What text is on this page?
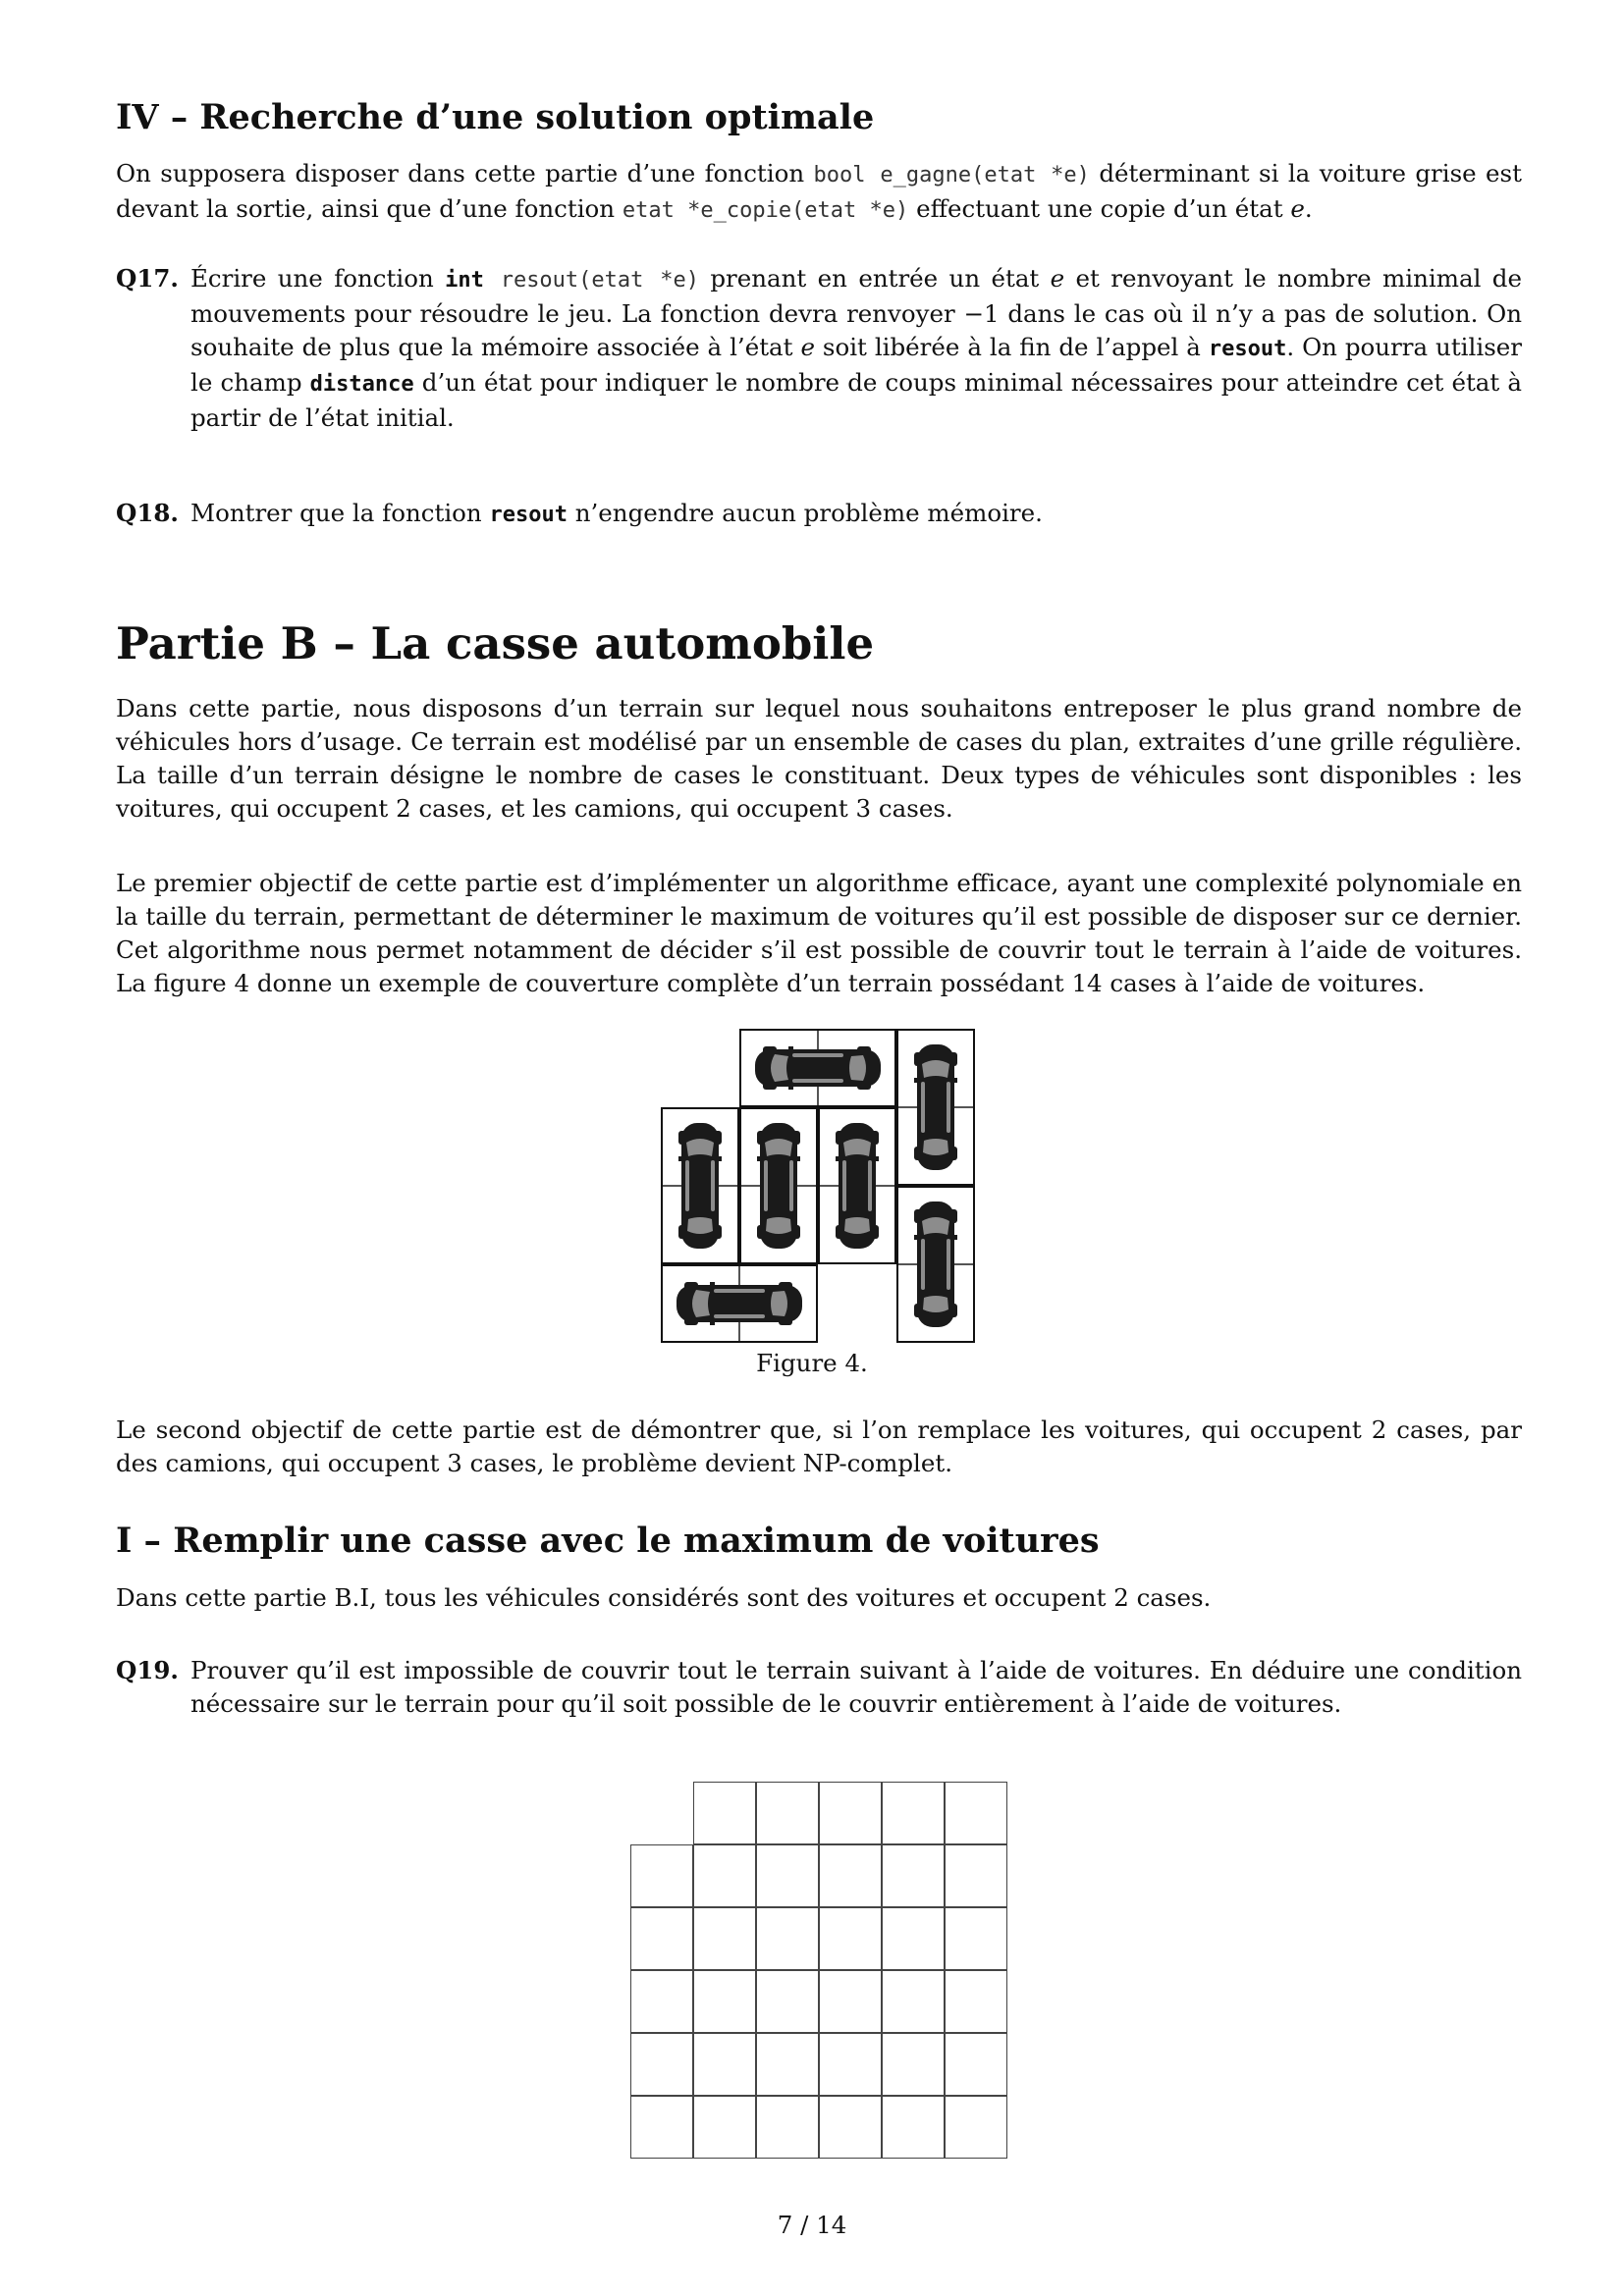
IV – Recherche d’une solution optimale

On supposera disposer dans cette partie d’une fonction bool e_gagne(etat *e) déterminant si la voiture grise est devant la sortie, ainsi que d’une fonction etat *e_copie(etat *e) effectuant une copie d’un état e.

Q17. Écrire une fonction int resout(etat *e) prenant en entrée un état e et renvoyant le nombre minimal de mouvements pour résoudre le jeu. La fonction devra renvoyer −1 dans le cas où il n’y a pas de solution. On souhaite de plus que la mémoire associée à l’état e soit libérée à la fin de l’appel à resout. On pourra utiliser le champ distance d’un état pour indiquer le nombre de coups minimal nécessaires pour atteindre cet état à partir de l’état initial.
Q18. Montrer que la fonction resout n’engendre aucun problème mémoire.
Partie B – La casse automobile

Dans cette partie, nous disposons d’un terrain sur lequel nous souhaitons entreposer le plus grand nombre de véhicules hors d’usage. Ce terrain est modélisé par un ensemble de cases du plan, extraites d’une grille régulière. La taille d’un terrain désigne le nombre de cases le constituant. Deux types de véhicules sont disponibles : les voitures, qui occupent 2 cases, et les camions, qui occupent 3 cases.

Le premier objectif de cette partie est d’implémenter un algorithme efficace, ayant une complexité polynomiale en la taille du terrain, permettant de déterminer le maximum de voitures qu’il est possible de disposer sur ce dernier. Cet algorithme nous permet notamment de décider s’il est possible de couvrir tout le terrain à l’aide de voitures. La figure 4 donne un exemple de couverture complète d’un terrain possédant 14 cases à l’aide de voitures.

Figure 4.

Le second objectif de cette partie est de démontrer que, si l’on remplace les voitures, qui occupent 2 cases, par des camions, qui occupent 3 cases, le problème devient NP-complet.

I – Remplir une casse avec le maximum de voitures

Dans cette partie B.I, tous les véhicules considérés sont des voitures et occupent 2 cases.

Q19. Prouver qu’il est impossible de couvrir tout le terrain suivant à l’aide de voitures. En déduire une condition nécessaire sur le terrain pour qu’il soit possible de le couvrir entièrement à l’aide de voitures.
7 / 14
